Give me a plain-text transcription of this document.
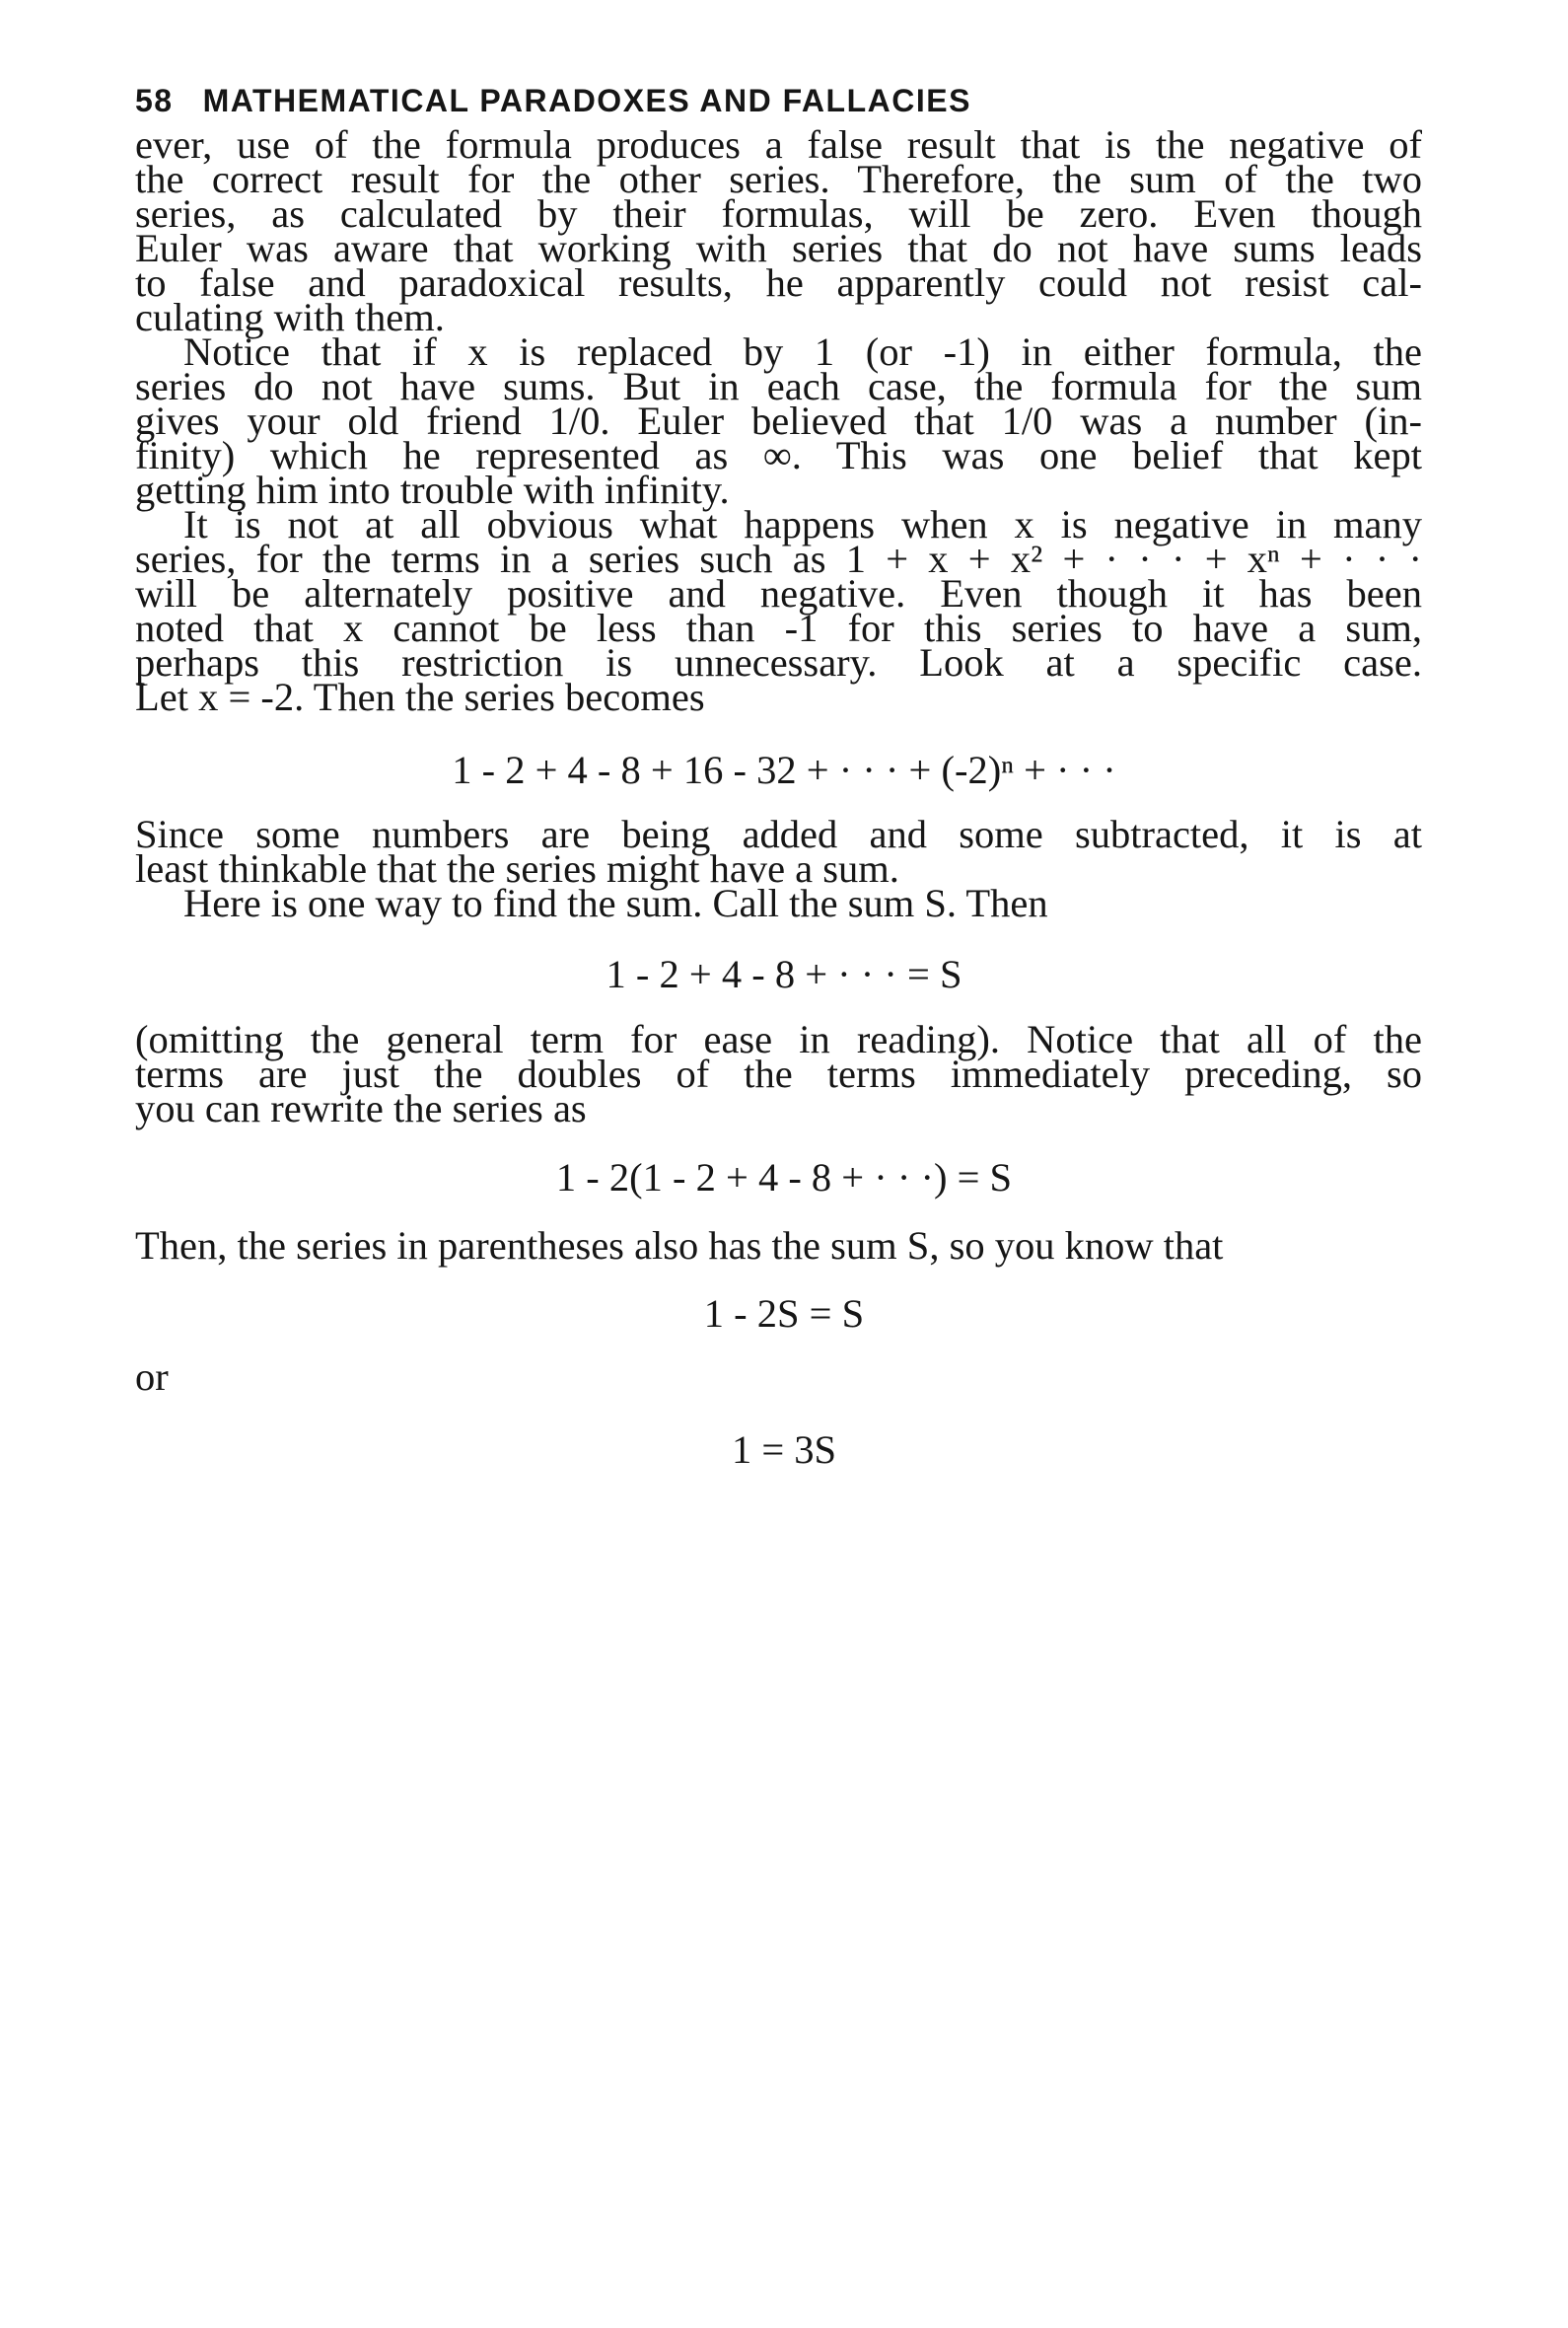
58 MATHEMATICAL PARADOXES AND FALLACIES
ever, use of the formula produces a false result that is the negative of
the correct result for the other series. Therefore, the sum of the two
series, as calculated by their formulas, will be zero. Even though
Euler was aware that working with series that do not have sums leads
to false and paradoxical results, he apparently could not resist cal-
culating with them.
Notice that if x is replaced by 1 (or -1) in either formula, the
series do not have sums. But in each case, the formula for the sum
gives your old friend 1/0. Euler believed that 1/0 was a number (in-
finity) which he represented as ∞. This was one belief that kept
getting him into trouble with infinity.
It is not at all obvious what happens when x is negative in many
series, for the terms in a series such as 1 + x + x² + · · · + xⁿ + · · ·
will be alternately positive and negative. Even though it has been
noted that x cannot be less than -1 for this series to have a sum,
perhaps this restriction is unnecessary. Look at a specific case.
Let x = -2. Then the series becomes
1 - 2 + 4 - 8 + 16 - 32 + · · · + (-2)ⁿ + · · ·
Since some numbers are being added and some subtracted, it is at
least thinkable that the series might have a sum.
Here is one way to find the sum. Call the sum S. Then
1 - 2 + 4 - 8 + · · · = S
(omitting the general term for ease in reading). Notice that all of the
terms are just the doubles of the terms immediately preceding, so
you can rewrite the series as
1 - 2(1 - 2 + 4 - 8 + · · ·) = S
Then, the series in parentheses also has the sum S, so you know that
1 - 2S = S
or
1 = 3S
